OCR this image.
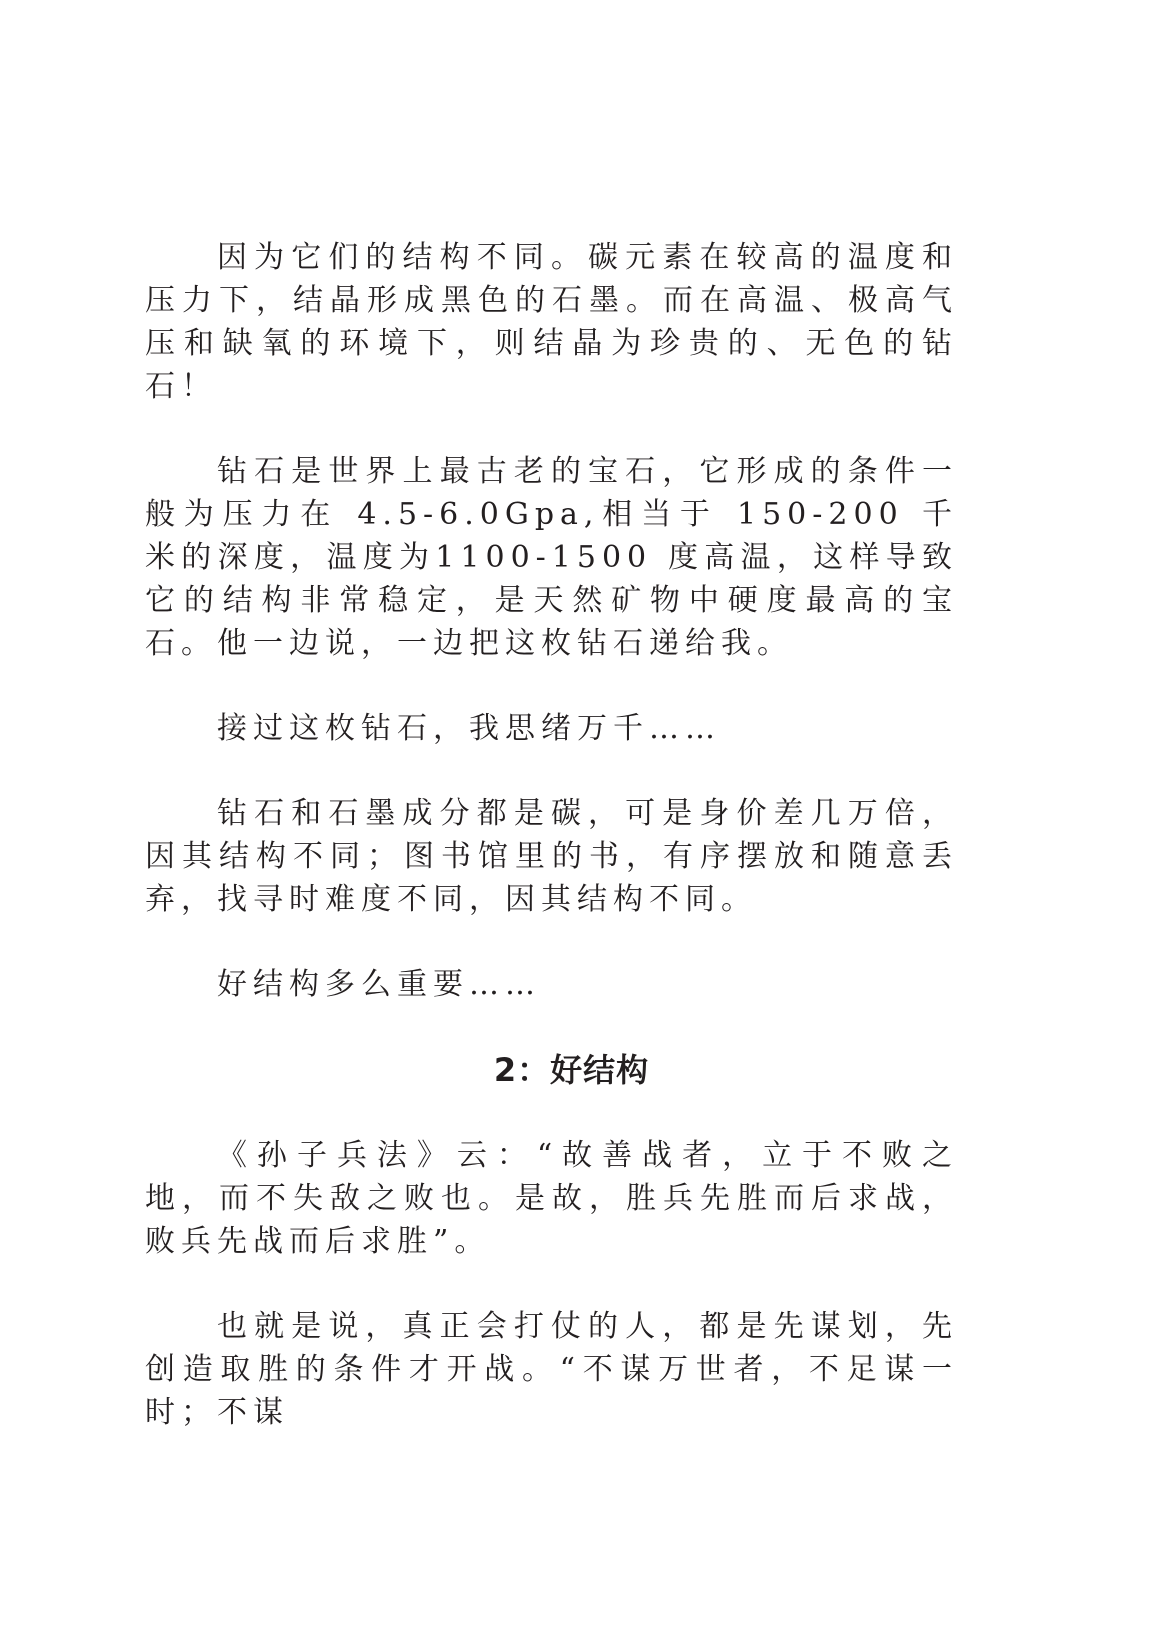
因为它们的结构不同。碳元素在较高的温度和压力下，结晶形成黑色的石墨。而在高温、极高气压和缺氧的环境下，则结晶为珍贵的、无色的钻石！

钻石是世界上最古老的宝石，它形成的条件一般为压力在 4.5-6.0Gpa,相当于 150-200 千米的深度，温度为1100-1500 度高温，这样导致它的结构非常稳定，是天然矿物中硬度最高的宝石。他一边说，一边把这枚钻石递给我。

接过这枚钻石，我思绪万千……

钻石和石墨成分都是碳，可是身价差几万倍，因其结构不同；图书馆里的书，有序摆放和随意丢弃，找寻时难度不同，因其结构不同。

好结构多么重要……

2：好结构

《孙子兵法》云：“故善战者，立于不败之地，而不失敌之败也。是故，胜兵先胜而后求战，败兵先战而后求胜”。

也就是说，真正会打仗的人，都是先谋划，先创造取胜的条件才开战。“不谋万世者，不足谋一时；不谋
